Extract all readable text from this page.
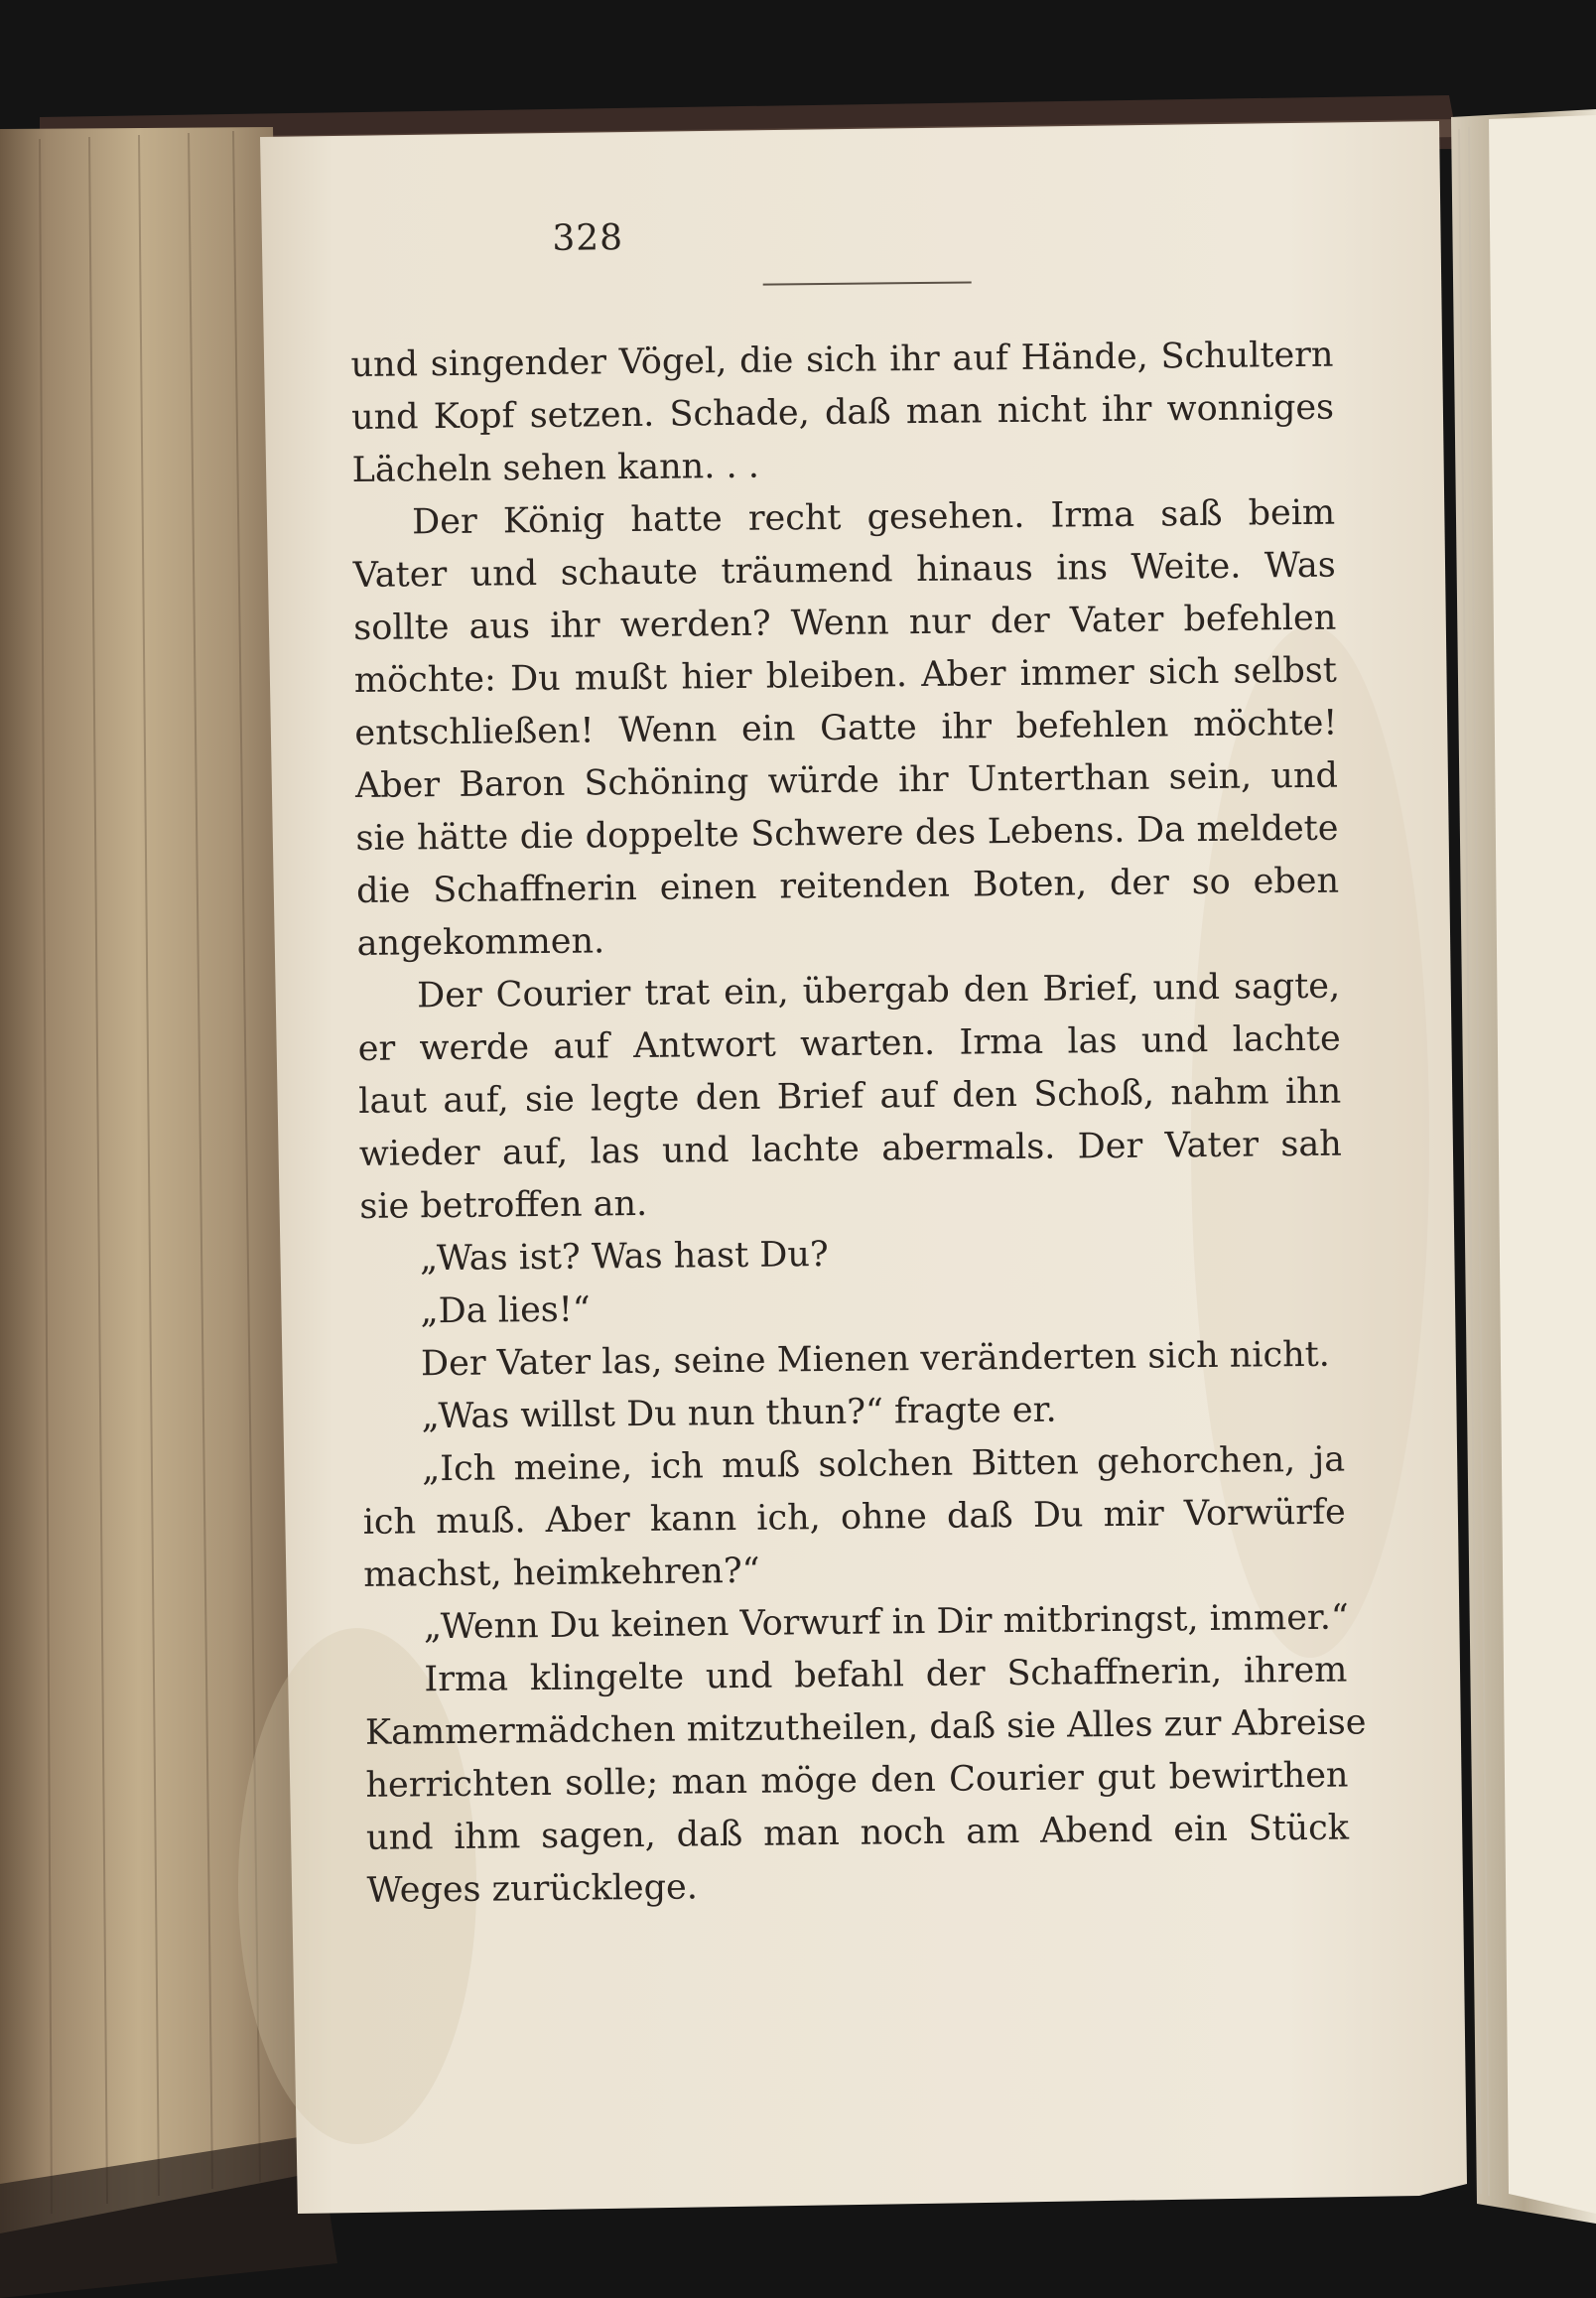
328
und singender Vögel, die sich ihr auf Hände, Schultern
und Kopf setzen. Schade, daß man nicht ihr wonniges
Lächeln sehen kann. . .
Der König hatte recht gesehen. Irma saß beim
Vater und schaute träumend hinaus ins Weite. Was
sollte aus ihr werden? Wenn nur der Vater befehlen
möchte: Du mußt hier bleiben. Aber immer sich selbst
entschließen! Wenn ein Gatte ihr befehlen möchte!
Aber Baron Schöning würde ihr Unterthan sein, und
sie hätte die doppelte Schwere des Lebens. Da meldete
die Schaffnerin einen reitenden Boten, der so eben
angekommen.
Der Courier trat ein, übergab den Brief, und sagte,
er werde auf Antwort warten. Irma las und lachte
laut auf, sie legte den Brief auf den Schoß, nahm ihn
wieder auf, las und lachte abermals. Der Vater sah
sie betroffen an.
„Was ist? Was hast Du?
„Da lies!“
Der Vater las, seine Mienen veränderten sich nicht.
„Was willst Du nun thun?“ fragte er.
„Ich meine, ich muß solchen Bitten gehorchen, ja
ich muß. Aber kann ich, ohne daß Du mir Vorwürfe
machst, heimkehren?“
„Wenn Du keinen Vorwurf in Dir mitbringst, immer.“
Irma klingelte und befahl der Schaffnerin, ihrem
Kammermädchen mitzutheilen, daß sie Alles zur Abreise
herrichten solle; man möge den Courier gut bewirthen
und ihm sagen, daß man noch am Abend ein Stück
Weges zurücklege.
